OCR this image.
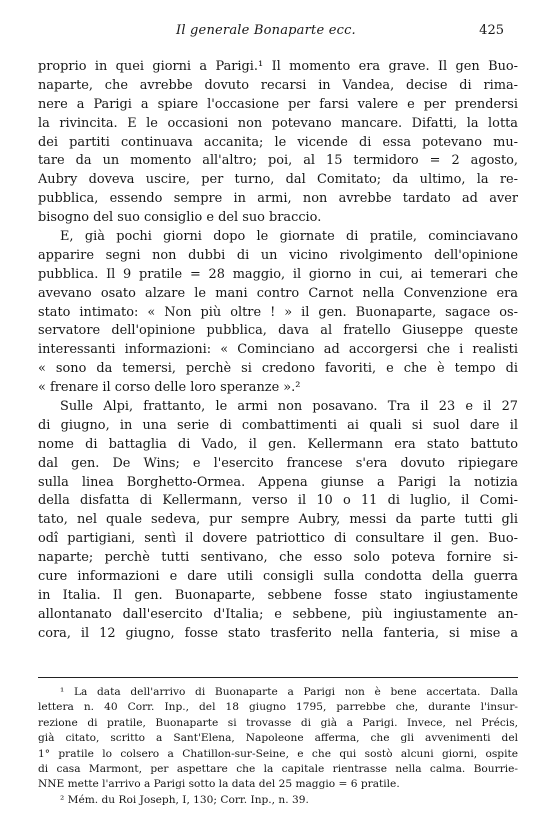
Il generale Bonaparte ecc.	425
proprio in quei giorni a Parigi.¹ Il momento era grave. Il gen Buo-
naparte, che avrebbe dovuto recarsi in Vandea, decise di rima-
nere a Parigi a spiare l'occasione per farsi valere e per prendersi
la rivincita. E le occasioni non potevano mancare. Difatti, la lotta
dei partiti continuava accanita; le vicende di essa potevano mu-
tare da un momento all'altro; poi, al 15 termidoro = 2 agosto,
Aubry doveva uscire, per turno, dal Comitato; da ultimo, la re-
pubblica, essendo sempre in armi, non avrebbe tardato ad aver
bisogno del suo consiglio e del suo braccio.
E, già pochi giorni dopo le giornate di pratile, cominciavano
apparire segni non dubbi di un vicino rivolgimento dell'opinione
pubblica. Il 9 pratile = 28 maggio, il giorno in cui, ai temerari che
avevano osato alzare le mani contro Carnot nella Convenzione era
stato intimato: « Non più oltre ! » il gen. Buonaparte, sagace os-
servatore dell'opinione pubblica, dava al fratello Giuseppe queste
interessanti informazioni: « Cominciano ad accorgersi che i realisti
« sono da temersi, perchè si credono favoriti, e che è tempo di
« frenare il corso delle loro speranze ».²
Sulle Alpi, frattanto, le armi non posavano. Tra il 23 e il 27
di giugno, in una serie di combattimenti ai quali si suol dare il
nome di battaglia di Vado, il gen. Kellermann era stato battuto
dal gen. De Wins; e l'esercito francese s'era dovuto ripiegare
sulla linea Borghetto-Ormea. Appena giunse a Parigi la notizia
della disfatta di Kellermann, verso il 10 o 11 di luglio, il Comi-
tato, nel quale sedeva, pur sempre Aubry, messi da parte tutti gli
odî partigiani, sentì il dovere patriottico di consultare il gen. Buo-
naparte; perchè tutti sentivano, che esso solo poteva fornire si-
cure informazioni e dare utili consigli sulla condotta della guerra
in Italia. Il gen. Buonaparte, sebbene fosse stato ingiustamente
allontanato dall'esercito d'Italia; e sebbene, più ingiustamente an-
cora, il 12 giugno, fosse stato trasferito nella fanteria, si mise a
¹ La data dell'arrivo di Buonaparte a Parigi non è bene accertata. Dalla
lettera n. 40 Corr. Inp., del 18 giugno 1795, parrebbe che, durante l'insur-
rezione di pratile, Buonaparte si trovasse di già a Parigi. Invece, nel Précis,
già citato, scritto a Sant'Elena, Napoleone afferma, che gli avvenimenti del
1° pratile lo colsero a Chatillon-sur-Seine, e che qui sostò alcuni giorni, ospite
di casa Marmont, per aspettare che la capitale rientrasse nella calma. Bourrie-
NNE mette l'arrivo a Parigi sotto la data del 25 maggio = 6 pratile.
² Mém. du Roi Joseph, I, 130; Corr. Inp., n. 39.
